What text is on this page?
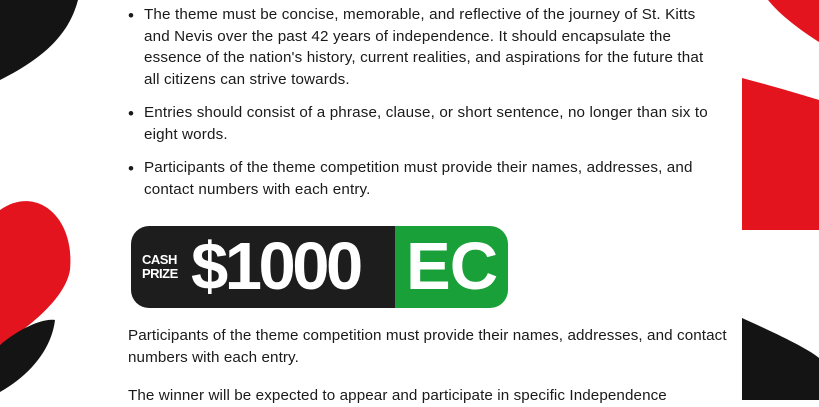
• The theme must be concise, memorable, and reflective of the journey of St. Kitts and Nevis over the past 42 years of independence. It should encapsulate the essence of the nation's history, current realities, and aspirations for the future that all citizens can strive towards.
• Entries should consist of a phrase, clause, or short sentence, no longer than six to eight words.
• Participants of the theme competition must provide their names, addresses, and contact numbers with each entry.
CASH
PRIZE $1000 EC

Participants of the theme competition must provide their names, addresses, and contact numbers with each entry.

The winner will be expected to appear and participate in specific Independence
